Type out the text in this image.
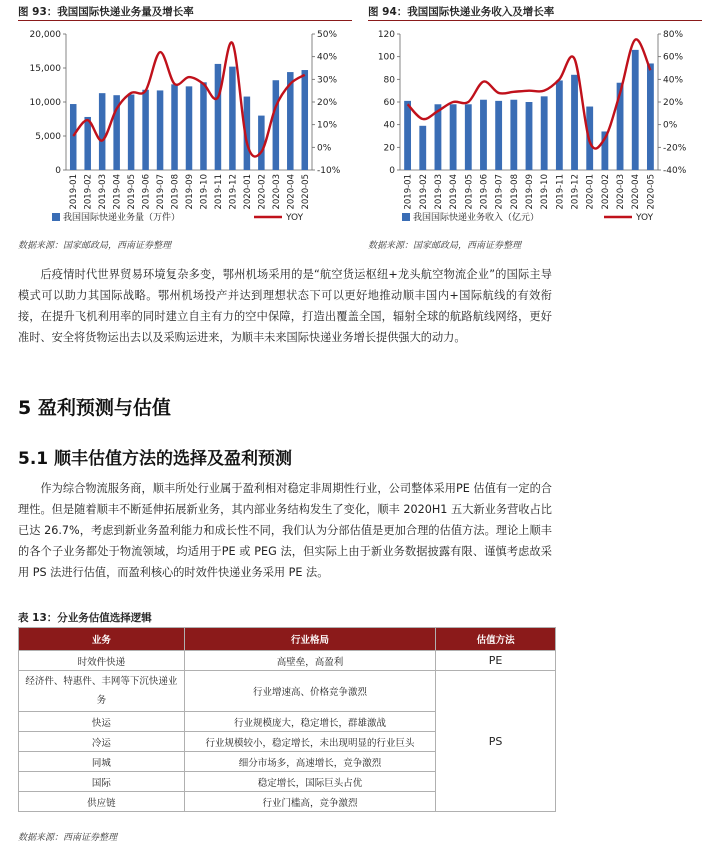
图 93：我国国际快递业务量及增长率
0
5,000
10,000
15,000
20,000
-10%
0%
10%
20%
30%
40%
50%
2019-01 2019-02 2019-03 2019-04 2019-05 2019-06 2019-07 2019-08 2019-09 2019-10 2019-11 2019-12 2020-01 2020-02 2020-03 2020-04 2020-05
我国国际快递业务量（万件）	YOY
数据来源：国家邮政局，西南证券整理
图 94：我国国际快递业务收入及增长率
0
20
40
60
80
100
120
-40%
-20%
0%
20%
40%
60%
80%
2019-01 2019-02 2019-03 2019-04 2019-05 2019-06 2019-07 2019-08 2019-09 2019-10 2019-11 2019-12 2020-01 2020-02 2020-03 2020-04 2020-05
我国国际快递业务收入（亿元）	YOY
数据来源：国家邮政局，西南证券整理

后疫情时代世界贸易环境复杂多变，鄂州机场采用的是“航空货运枢纽+龙头航空物流企业”的国际主导模式可以助力其国际战略。鄂州机场投产并达到理想状态下可以更好地推动顺丰国内+国际航线的有效衔接，在提升飞机利用率的同时建立自主有力的空中保障，打造出覆盖全国，辐射全球的航路航线网络，更好准时、安全将货物运出去以及采购运进来，为顺丰未来国际快递业务增长提供强大的动力。

5 盈利预测与估值
5.1 顺丰估值方法的选择及盈利预测

作为综合物流服务商，顺丰所处行业属于盈利相对稳定非周期性行业，公司整体采用PE 估值有一定的合理性。但是随着顺丰不断延伸拓展新业务，其内部业务结构发生了变化，顺丰 2020H1 五大新业务营收占比已达 26.7%，考虑到新业务盈利能力和成长性不同，我们认为分部估值是更加合理的估值方法。理论上顺丰的各个子业务都处于物流领域，均适用于PE 或 PEG 法，但实际上由于新业务数据披露有限、谨慎考虑故采用 PS 法进行估值，而盈利核心的时效件快递业务采用 PE 法。

表 13：分业务估值选择逻辑
业务	行业格局	估值方法
时效件快递	高壁垒，高盈利	PE
经济件、特惠件、丰网等下沉快递业务	行业增速高、价格竞争激烈	PS
快运	行业规模庞大，稳定增长，群雄激战	
冷运	行业规模较小，稳定增长，未出现明显的行业巨头	
同城	细分市场多，高速增长，竞争激烈	
国际	稳定增长，国际巨头占优	
供应链	行业门槛高，竞争激烈	
数据来源：西南证券整理
